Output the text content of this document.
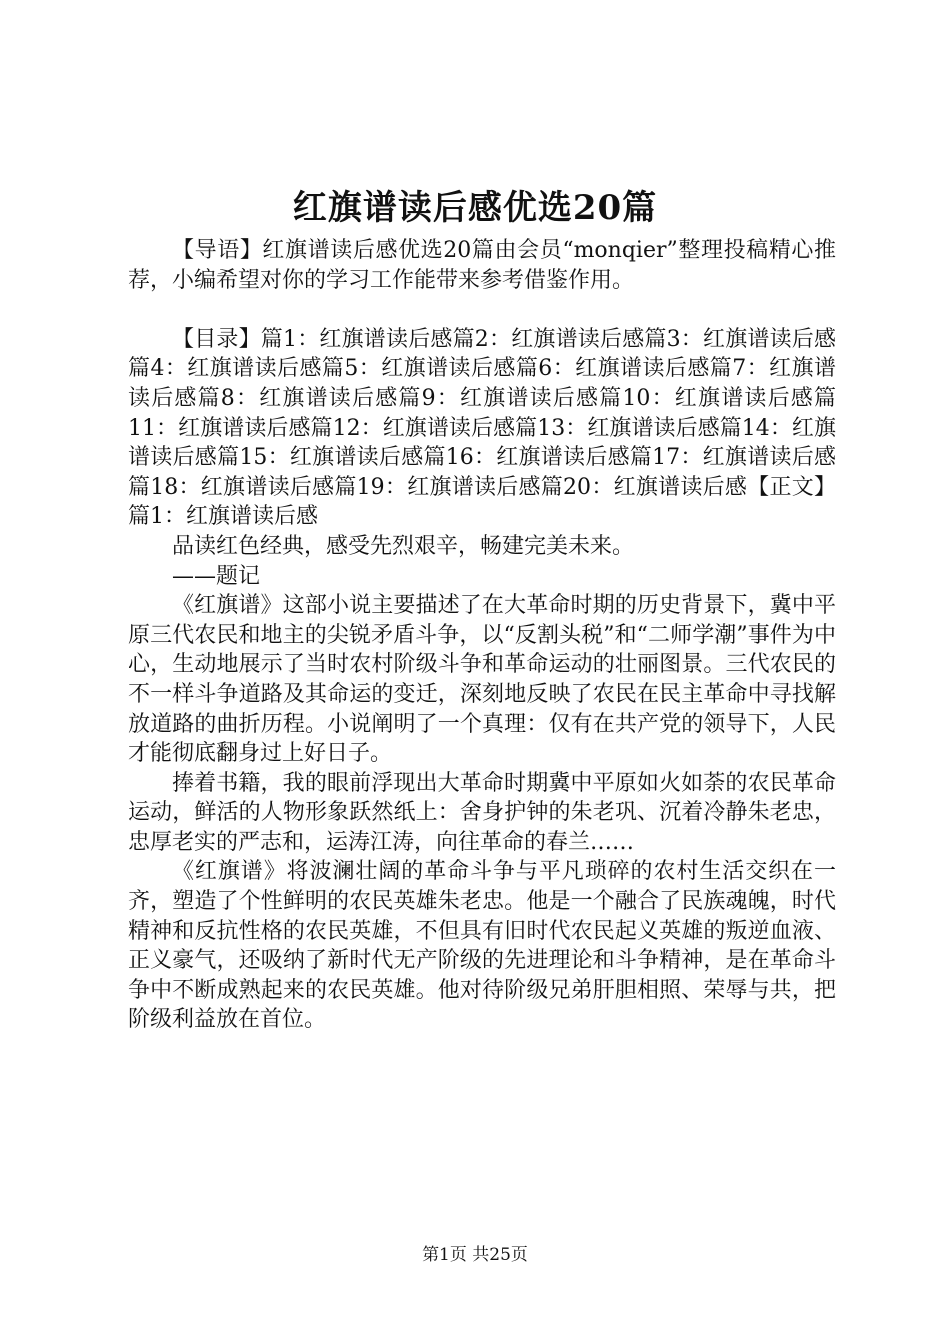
红旗谱读后感优选20篇

【导语】红旗谱读后感优选20篇由会员“monqier”整理投稿精心推荐，小编希望对你的学习工作能带来参考借鉴作用。

【目录】篇1：红旗谱读后感篇2：红旗谱读后感篇3：红旗谱读后感篇4：红旗谱读后感篇5：红旗谱读后感篇6：红旗谱读后感篇7：红旗谱读后感篇8：红旗谱读后感篇9：红旗谱读后感篇10：红旗谱读后感篇11：红旗谱读后感篇12：红旗谱读后感篇13：红旗谱读后感篇14：红旗谱读后感篇15：红旗谱读后感篇16：红旗谱读后感篇17：红旗谱读后感篇18：红旗谱读后感篇19：红旗谱读后感篇20：红旗谱读后感【正文】篇1：红旗谱读后感

品读红色经典，感受先烈艰辛，畅建完美未来。

——题记

《红旗谱》这部小说主要描述了在大革命时期的历史背景下，冀中平原三代农民和地主的尖锐矛盾斗争，以“反割头税”和“二师学潮”事件为中心，生动地展示了当时农村阶级斗争和革命运动的壮丽图景。三代农民的不一样斗争道路及其命运的变迁，深刻地反映了农民在民主革命中寻找解放道路的曲折历程。小说阐明了一个真理：仅有在共产党的领导下，人民才能彻底翻身过上好日子。

捧着书籍，我的眼前浮现出大革命时期冀中平原如火如荼的农民革命运动，鲜活的人物形象跃然纸上：舍身护钟的朱老巩、沉着冷静朱老忠，忠厚老实的严志和，运涛江涛，向往革命的春兰……

《红旗谱》将波澜壮阔的革命斗争与平凡琐碎的农村生活交织在一齐，塑造了个性鲜明的农民英雄朱老忠。他是一个融合了民族魂魄，时代精神和反抗性格的农民英雄，不但具有旧时代农民起义英雄的叛逆血液、正义豪气，还吸纳了新时代无产阶级的先进理论和斗争精神，是在革命斗争中不断成熟起来的农民英雄。他对待阶级兄弟肝胆相照、荣辱与共，把阶级利益放在首位。

第1页 共25页
